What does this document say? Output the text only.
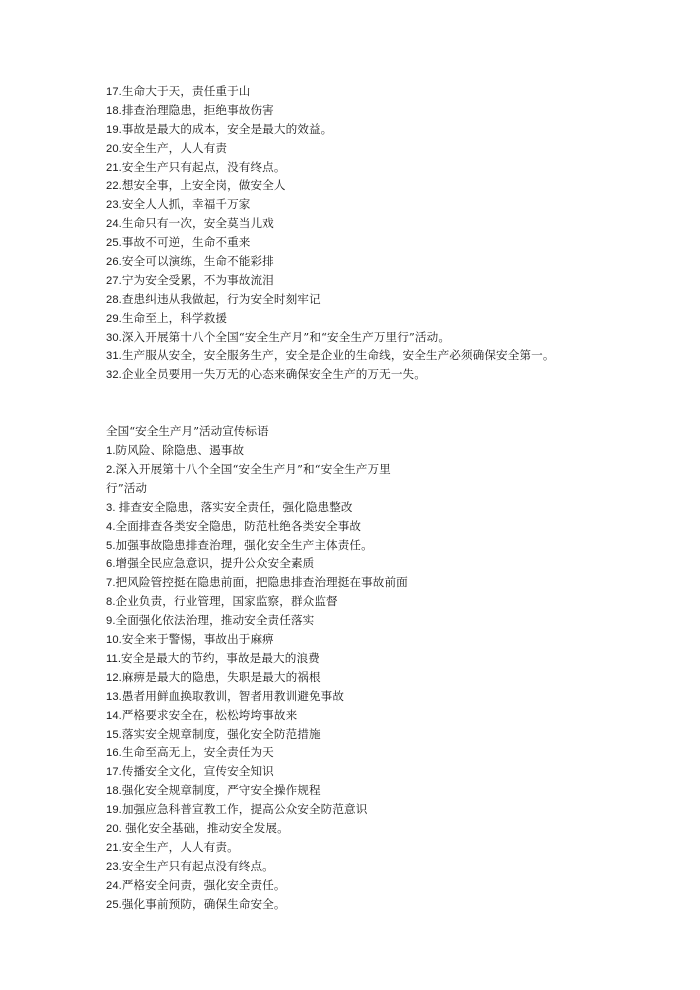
17.生命大于天，责任重于山
18.排查治理隐患，拒绝事故伤害
19.事故是最大的成本，安全是最大的效益。
20.安全生产，人人有责
21.安全生产只有起点，没有终点。
22.想安全事，上安全岗，做安全人
23.安全人人抓，幸福千万家
24.生命只有一次，安全莫当儿戏
25.事故不可逆，生命不重来
26.安全可以演练，生命不能彩排
27.宁为安全受累，不为事故流泪
28.查患纠违从我做起，行为安全时刻牢记
29.生命至上，科学救援
30.深入开展第十八个全国“安全生产月”和“安全生产万里行”活动。
31.生产服从安全，安全服务生产，安全是企业的生命线，安全生产必须确保安全第一。
32.企业全员要用一失万无的心态来确保安全生产的万无一失。
全国“安全生产月”活动宣传标语
1.防风险、除隐患、遏事故
2.深入开展第十八个全国“安全生产月”和“安全生产万里
行”活动
3. 排查安全隐患，落实安全责任，强化隐患整改
4.全面排查各类安全隐患，防范杜绝各类安全事故
5.加强事故隐患排查治理，强化安全生产主体责任。
6.增强全民应急意识，提升公众安全素质
7.把风险管控挺在隐患前面，把隐患排查治理挺在事故前面
8.企业负责，行业管理，国家监察，群众监督
9.全面强化依法治理，推动安全责任落实
10.安全来于警惕，事故出于麻痹
11.安全是最大的节约，事故是最大的浪费
12.麻痹是最大的隐患，失职是最大的祸根
13.愚者用鲜血换取教训，智者用教训避免事故
14.严格要求安全在，松松垮垮事故来
15.落实安全规章制度，强化安全防范措施
16.生命至高无上，安全责任为天
17.传播安全文化，宣传安全知识
18.强化安全规章制度，严守安全操作规程
19.加强应急科普宣教工作，提高公众安全防范意识
20. 强化安全基础，推动安全发展。
21.安全生产，人人有责。
23.安全生产只有起点没有终点。
24.严格安全问责，强化安全责任。
25.强化事前预防，确保生命安全。
